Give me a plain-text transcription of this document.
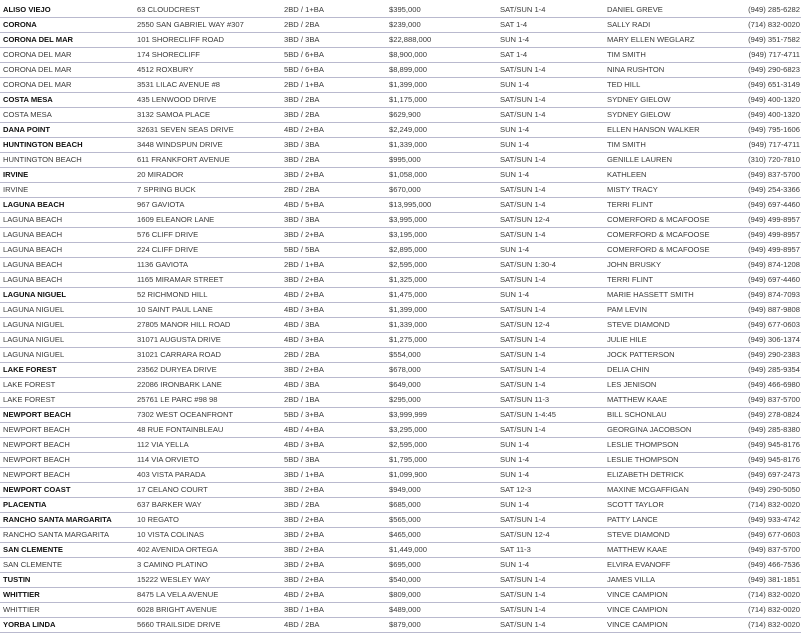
ALISO VIEJO	63 CLOUDCREST	2BD / 1+BA	$395,000	SAT/SUN 1-4	DANIEL GREVE	(949) 285-6282
CORONA	2550 SAN GABRIEL WAY #307	2BD / 2BA	$239,000	SAT 1-4	SALLY RADI	(714) 832-0020
CORONA DEL MAR	101 SHORECLIFF ROAD	3BD / 3BA	$22,888,000	SUN 1-4	MARY ELLEN WEGLARZ	(949) 351-7582
CORONA DEL MAR	174 SHORECLIFF	5BD / 6+BA	$8,900,000	SAT 1-4	TIM SMITH	(949) 717-4711
CORONA DEL MAR	4512 ROXBURY	5BD / 6+BA	$8,899,000	SAT/SUN 1-4	NINA RUSHTON	(949) 290-6823
CORONA DEL MAR	3531 LILAC AVENUE #8	2BD / 1+BA	$1,399,000	SUN 1-4	TED HILL	(949) 651-3149
COSTA MESA	435 LENWOOD DRIVE	3BD / 2BA	$1,175,000	SAT/SUN 1-4	SYDNEY GIELOW	(949) 400-1320
COSTA MESA	3132 SAMOA PLACE	3BD / 2BA	$629,900	SAT/SUN 1-4	SYDNEY GIELOW	(949) 400-1320
DANA POINT	32631 SEVEN SEAS DRIVE	4BD / 2+BA	$2,249,000	SUN 1-4	ELLEN HANSON WALKER	(949) 795-1606
HUNTINGTON BEACH	3448 WINDSPUN DRIVE	3BD / 3BA	$1,339,000	SUN 1-4	TIM SMITH	(949) 717-4711
HUNTINGTON BEACH	611 FRANKFORT AVENUE	3BD / 2BA	$995,000	SAT/SUN 1-4	GENILLE LAUREN	(310) 720-7810
IRVINE	20 MIRADOR	3BD / 2+BA	$1,058,000	SUN 1-4	KATHLEEN	(949) 837-5700
IRVINE	7 SPRING BUCK	2BD / 2BA	$670,000	SAT/SUN 1-4	MISTY TRACY	(949) 254-3366
LAGUNA BEACH	967 GAVIOTA	4BD / 5+BA	$13,995,000	SAT/SUN 1-4	TERRI FLINT	(949) 697-4460
LAGUNA BEACH	1609 ELEANOR LANE	3BD / 3BA	$3,995,000	SAT/SUN 12-4	COMERFORD & MCAFOOSE	(949) 499-8957
LAGUNA BEACH	576 CLIFF DRIVE	3BD / 2+BA	$3,195,000	SAT/SUN 1-4	COMERFORD & MCAFOOSE	(949) 499-8957
LAGUNA BEACH	224 CLIFF DRIVE	5BD / 5BA	$2,895,000	SUN 1-4	COMERFORD & MCAFOOSE	(949) 499-8957
LAGUNA BEACH	1136 GAVIOTA	2BD / 1+BA	$2,595,000	SAT/SUN 1:30-4	JOHN BRUSKY	(949) 874-1208
LAGUNA BEACH	1165 MIRAMAR STREET	3BD / 2+BA	$1,325,000	SAT/SUN 1-4	TERRI FLINT	(949) 697-4460
LAGUNA NIGUEL	52 RICHMOND HILL	4BD / 2+BA	$1,475,000	SUN 1-4	MARIE HASSETT SMITH	(949) 874-7093
LAGUNA NIGUEL	10 SAINT PAUL LANE	4BD / 3+BA	$1,399,000	SAT/SUN 1-4	PAM LEVIN	(949) 887-9808
LAGUNA NIGUEL	27805 MANOR HILL ROAD	4BD / 3BA	$1,339,000	SAT/SUN 12-4	STEVE DIAMOND	(949) 677-0603
LAGUNA NIGUEL	31071 AUGUSTA DRIVE	4BD / 3+BA	$1,275,000	SAT/SUN 1-4	JULIE HILE	(949) 306-1374
LAGUNA NIGUEL	31021 CARRARA ROAD	2BD / 2BA	$554,000	SAT/SUN 1-4	JOCK PATTERSON	(949) 290-2383
LAKE FOREST	23562 DURYEA DRIVE	3BD / 2+BA	$678,000	SAT/SUN 1-4	DELIA CHIN	(949) 285-9354
LAKE FOREST	22086 IRONBARK LANE	4BD / 3BA	$649,000	SAT/SUN 1-4	LES JENISON	(949) 466-6980
LAKE FOREST	25761 LE PARC #98 98	2BD / 1BA	$295,000	SAT/SUN 11-3	MATTHEW KAAE	(949) 837-5700
NEWPORT BEACH	7302 WEST OCEANFRONT	5BD / 3+BA	$3,999,999	SAT/SUN 1-4:45	BILL SCHONLAU	(949) 278-0824
NEWPORT BEACH	48 RUE FONTAINBLEAU	4BD / 4+BA	$3,295,000	SAT/SUN 1-4	GEORGINA JACOBSON	(949) 285-8380
NEWPORT BEACH	112 VIA YELLA	4BD / 3+BA	$2,595,000	SUN 1-4	LESLIE THOMPSON	(949) 945-8176
NEWPORT BEACH	114 VIA ORVIETO	5BD / 3BA	$1,795,000	SUN 1-4	LESLIE THOMPSON	(949) 945-8176
NEWPORT BEACH	403 VISTA PARADA	3BD / 1+BA	$1,099,900	SUN 1-4	ELIZABETH DETRICK	(949) 697-2473
NEWPORT COAST	17 CELANO COURT	3BD / 2+BA	$949,000	SAT 12-3	MAXINE MCGAFFIGAN	(949) 290-5050
PLACENTIA	637 BARKER WAY	3BD / 2BA	$685,000	SUN 1-4	SCOTT TAYLOR	(714) 832-0020
RANCHO SANTA MARGARITA	10 REGATO	3BD / 2+BA	$565,000	SAT/SUN 1-4	PATTY LANCE	(949) 933-4742
RANCHO SANTA MARGARITA	10 VISTA COLINAS	3BD / 2+BA	$465,000	SAT/SUN 12-4	STEVE DIAMOND	(949) 677-0603
SAN CLEMENTE	402 AVENIDA ORTEGA	3BD / 2+BA	$1,449,000	SAT 11-3	MATTHEW KAAE	(949) 837-5700
SAN CLEMENTE	3 CAMINO PLATINO	3BD / 2+BA	$695,000	SUN 1-4	ELVIRA EVANOFF	(949) 466-7536
TUSTIN	15222 WESLEY WAY	3BD / 2+BA	$540,000	SAT/SUN 1-4	JAMES VILLA	(949) 381-1851
WHITTIER	8475 LA VELA AVENUE	4BD / 2+BA	$809,000	SAT/SUN 1-4	VINCE CAMPION	(714) 832-0020
WHITTIER	6028 BRIGHT AVENUE	3BD / 1+BA	$489,000	SAT/SUN 1-4	VINCE CAMPION	(714) 832-0020
YORBA LINDA	5660 TRAILSIDE DRIVE	4BD / 2BA	$879,000	SAT/SUN 1-4	VINCE CAMPION	(714) 832-0020
